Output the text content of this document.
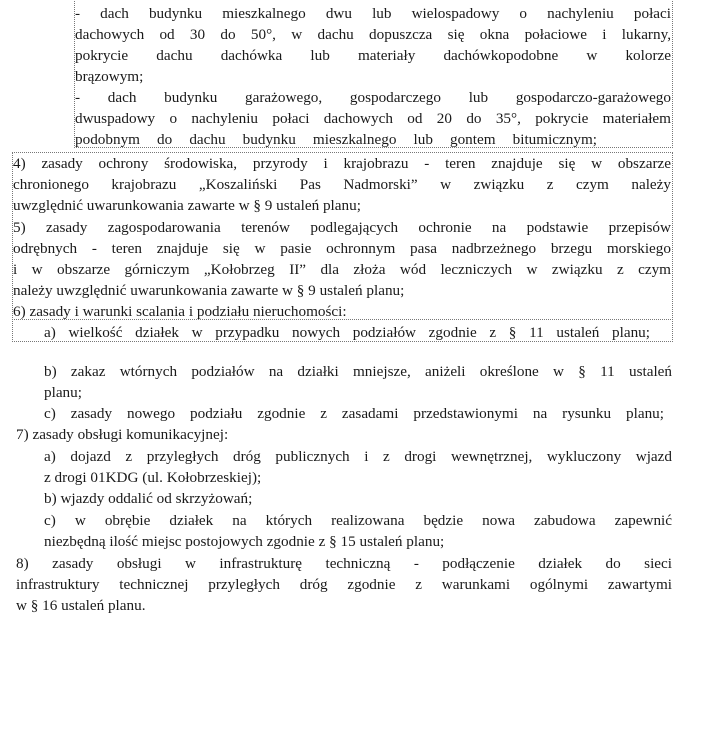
- dach budynku mieszkalnego dwu lub wielospadowy o nachyleniu połaci
dachowych od 30 do 50°, w dachu dopuszcza się okna połaciowe i lukarny,
pokrycie dachu dachówka lub materiały dachówkopodobne w kolorze
brązowym;
- dach budynku garażowego, gospodarczego lub gospodarczo-garażowego
dwuspadowy o nachyleniu połaci dachowych od 20 do 35°, pokrycie materiałem
podobnym do dachu budynku mieszkalnego lub gontem bitumicznym;
4) zasady ochrony środowiska, przyrody i krajobrazu - teren znajduje się w obszarze
chronionego krajobrazu „Koszaliński Pas Nadmorski” w związku z czym należy
uwzględnić uwarunkowania zawarte w § 9 ustaleń planu;
5) zasady zagospodarowania terenów podlegających ochronie na podstawie przepisów
odrębnych - teren znajduje się w pasie ochronnym pasa nadbrzeżnego brzegu morskiego
i w obszarze górniczym „Kołobrzeg II” dla złoża wód leczniczych w związku z czym
należy uwzględnić uwarunkowania zawarte w § 9 ustaleń planu;
6) zasady i warunki scalania i podziału nieruchomości:
a) wielkość działek w przypadku nowych podziałów zgodnie z § 11 ustaleń planu;
b) zakaz wtórnych podziałów na działki mniejsze, aniżeli określone w § 11 ustaleń
planu;
c) zasady nowego podziału zgodnie z zasadami przedstawionymi na rysunku planu;
7) zasady obsługi komunikacyjnej:
a) dojazd z przyległych dróg publicznych i z drogi wewnętrznej, wykluczony wjazd
z drogi 01KDG (ul. Kołobrzeskiej);
b) wjazdy oddalić od skrzyżowań;
c) w obrębie działek na których realizowana będzie nowa zabudowa zapewnić
niezbędną ilość miejsc postojowych zgodnie z § 15 ustaleń planu;
8) zasady obsługi w infrastrukturę techniczną - podłączenie działek do sieci
infrastruktury technicznej przyległych dróg zgodnie z warunkami ogólnymi zawartymi
w § 16 ustaleń planu.
